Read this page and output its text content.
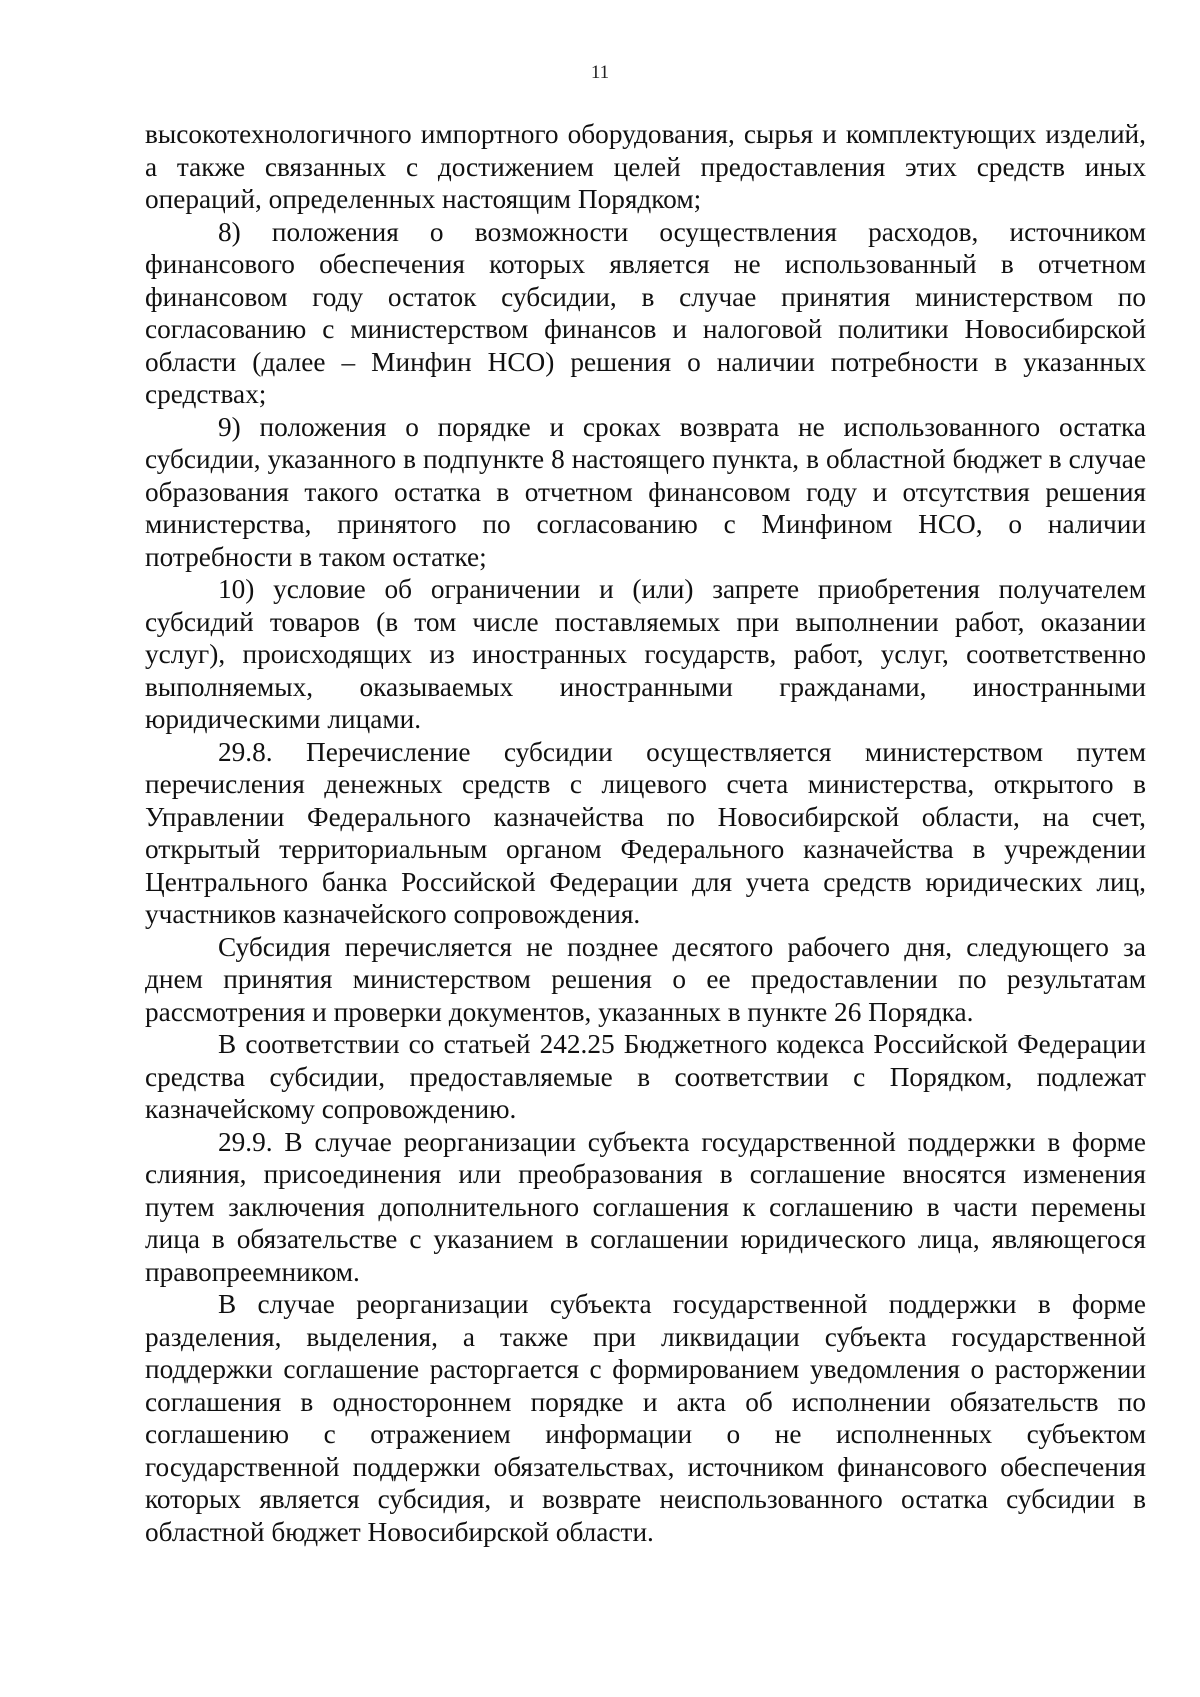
11

высокотехнологичного импортного оборудования, сырья и комплектующих изделий, а также связанных с достижением целей предоставления этих средств иных операций, определенных настоящим Порядком;

8) положения о возможности осуществления расходов, источником финансового обеспечения которых является не использованный в отчетном финансовом году остаток субсидии, в случае принятия министерством по согласованию с министерством финансов и налоговой политики Новосибирской области (далее – Минфин НСО) решения о наличии потребности в указанных средствах;

9) положения о порядке и сроках возврата не использованного остатка субсидии, указанного в подпункте 8 настоящего пункта, в областной бюджет в случае образования такого остатка в отчетном финансовом году и отсутствия решения министерства, принятого по согласованию с Минфином НСО, о наличии потребности в таком остатке;

10) условие об ограничении и (или) запрете приобретения получателем субсидий товаров (в том числе поставляемых при выполнении работ, оказании услуг), происходящих из иностранных государств, работ, услуг, соответственно выполняемых, оказываемых иностранными гражданами, иностранными юридическими лицами.

29.8. Перечисление субсидии осуществляется министерством путем перечисления денежных средств с лицевого счета министерства, открытого в Управлении Федерального казначейства по Новосибирской области, на счет, открытый территориальным органом Федерального казначейства в учреждении Центрального банка Российской Федерации для учета средств юридических лиц, участников казначейского сопровождения.

Субсидия перечисляется не позднее десятого рабочего дня, следующего за днем принятия министерством решения о ее предоставлении по результатам рассмотрения и проверки документов, указанных в пункте 26 Порядка.

В соответствии со статьей 242.25 Бюджетного кодекса Российской Федерации средства субсидии, предоставляемые в соответствии с Порядком, подлежат казначейскому сопровождению.

29.9. В случае реорганизации субъекта государственной поддержки в форме слияния, присоединения или преобразования в соглашение вносятся изменения путем заключения дополнительного соглашения к соглашению в части перемены лица в обязательстве с указанием в соглашении юридического лица, являющегося правопреемником.

В случае реорганизации субъекта государственной поддержки в форме разделения, выделения, а также при ликвидации субъекта государственной поддержки соглашение расторгается с формированием уведомления о расторжении соглашения в одностороннем порядке и акта об исполнении обязательств по соглашению с отражением информации о не исполненных субъектом государственной поддержки обязательствах, источником финансового обеспечения которых является субсидия, и возврате неиспользованного остатка субсидии в областной бюджет Новосибирской области.
